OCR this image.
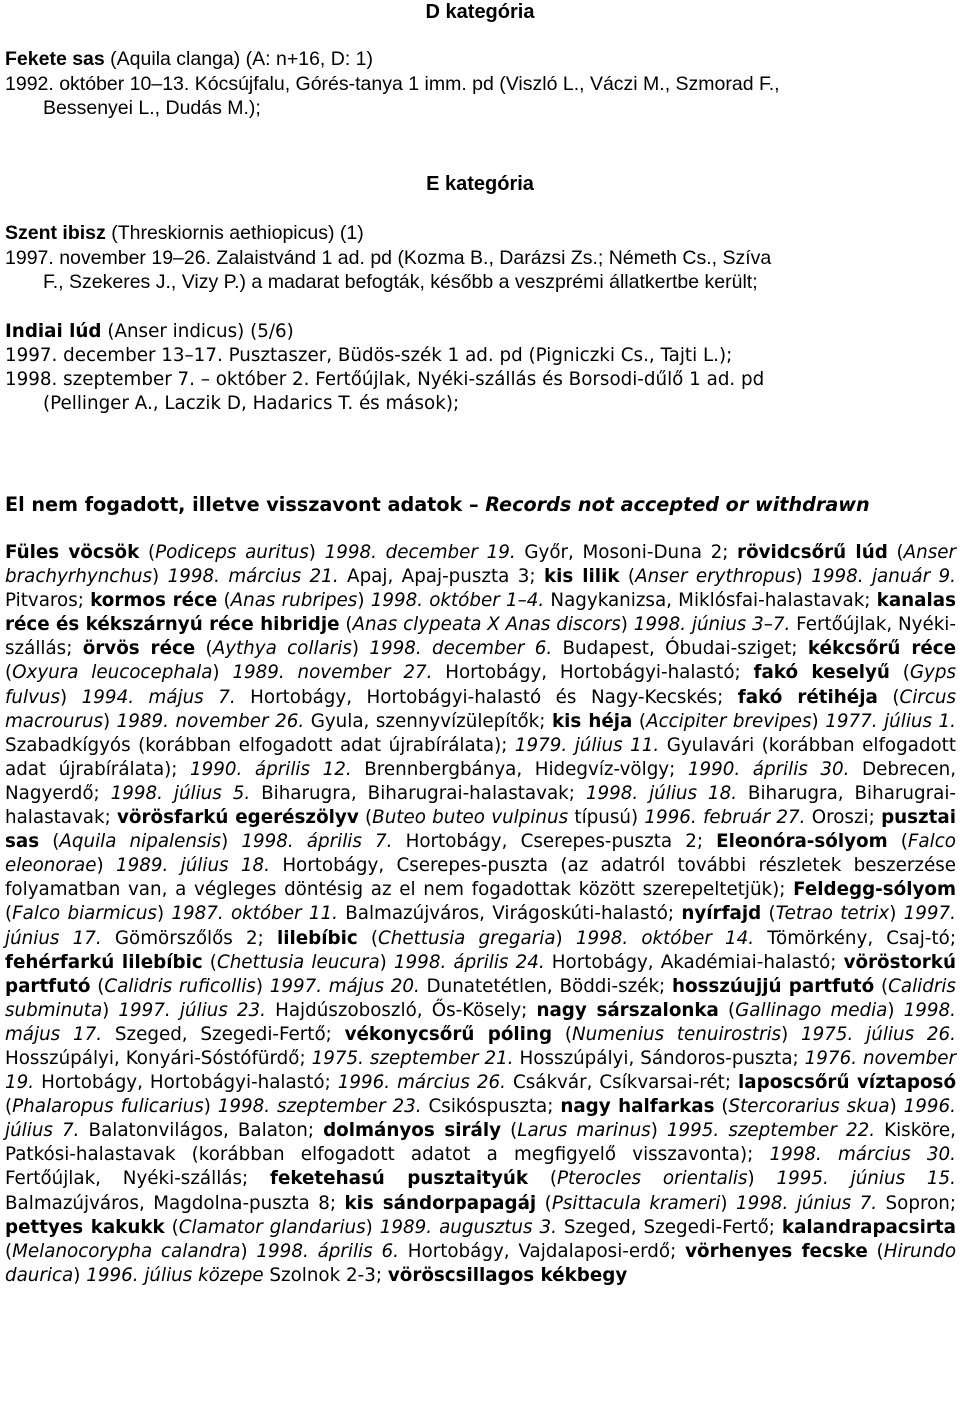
D kategória

Fekete sas (Aquila clanga) (A: n+16, D: 1)

1992. október 10–13. Kócsújfalu, Górés-tanya 1 imm. pd (Viszló L., Váczi M., Szmorad F.,

Bessenyei L., Dudás M.);

E kategória

Szent ibisz (Threskiornis aethiopicus) (1)

1997. november 19–26. Zalaistvánd 1 ad. pd (Kozma B., Darázsi Zs.; Németh Cs., Szíva

F., Szekeres J., Vizy P.) a madarat befogták, később a veszprémi állatkertbe került;

Indiai lúd (Anser indicus) (5/6)

1997. december 13–17. Pusztaszer, Büdös-szék 1 ad. pd (Pigniczki Cs., Tajti L.);

1998. szeptember 7. – október 2. Fertőújlak, Nyéki-szállás és Borsodi-dűlő 1 ad. pd

(Pellinger A., Laczik D, Hadarics T. és mások);

El nem fogadott, illetve visszavont adatok – Records not accepted or withdrawn

Füles vöcsök (Podiceps auritus) 1998. december 19. Győr, Mosoni-Duna 2; rövidcsőrű lúd (Anser brachyrhynchus) 1998. március 21. Apaj, Apaj-puszta 3; kis lilik (Anser erythropus) 1998. január 9. Pitvaros; kormos réce (Anas rubripes) 1998. október 1–4. Nagykanizsa, Miklósfai-halastavak; kanalas réce és kékszárnyú réce hibridje (Anas clypeata X Anas discors) 1998. június 3–7. Fertőújlak, Nyéki-szállás; örvös réce (Aythya collaris) 1998. december 6. Budapest, Óbudai-sziget; kékcsőrű réce (Oxyura leucocephala) 1989. november 27. Hortobágy, Hortobágyi-halastó; fakó keselyű (Gyps fulvus) 1994. május 7. Hortobágy, Hortobágyi-halastó és Nagy-Kecskés; fakó rétihéja (Circus macrourus) 1989. november 26. Gyula, szennyvízülepítők; kis héja (Accipiter brevipes) 1977. július 1. Szabadkígyós (korábban elfogadott adat újrabírálata); 1979. július 11. Gyulavári (korábban elfogadott adat újrabírálata); 1990. április 12. Brennbergbánya, Hidegvíz-völgy; 1990. április 30. Debrecen, Nagyerdő; 1998. július 5. Biharugra, Biharugrai-halastavak; 1998. július 18. Biharugra, Biharugrai-halastavak; vörösfarkú egerészölyv (Buteo buteo vulpinus típusú) 1996. február 27. Oroszi; pusztai sas (Aquila nipalensis) 1998. április 7. Hortobágy, Cserepes-puszta 2; Eleonóra-sólyom (Falco eleonorae) 1989. július 18. Hortobágy, Cserepes-puszta (az adatról további részletek beszerzése folyamatban van, a végleges döntésig az el nem fogadottak között szerepeltetjük); Feldegg-sólyom (Falco biarmicus) 1987. október 11. Balmazújváros, Virágoskúti-halastó; nyírfajd (Tetrao tetrix) 1997. június 17. Gömörszőlős 2; lilebíbic (Chettusia gregaria) 1998. október 14. Tömörkény, Csaj-tó; fehérfarkú lilebíbic (Chettusia leucura) 1998. április 24. Hortobágy, Akadémiai-halastó; vöröstorkú partfutó (Calidris ruficollis) 1997. május 20. Dunatetétlen, Böddi-szék; hosszúujjú partfutó (Calidris subminuta) 1997. július 23. Hajdúszoboszló, Ős-Kösely; nagy sárszalonka (Gallinago media) 1998. május 17. Szeged, Szegedi-Fertő; vékonycsőrű póling (Numenius tenuirostris) 1975. július 26. Hosszúpályi, Konyári-Sóstófürdő; 1975. szeptember 21. Hosszúpályi, Sándoros-puszta; 1976. november 19. Hortobágy, Hortobágyi-halastó; 1996. március 26. Csákvár, Csíkvarsai-rét; laposcsőrű víztaposó (Phalaropus fulicarius) 1998. szeptember 23. Csikóspuszta; nagy halfarkas (Stercorarius skua) 1996. július 7. Balatonvilágos, Balaton; dolmányos sirály (Larus marinus) 1995. szeptember 22. Kisköre, Patkósi-halastavak (korábban elfogadott adatot a megfigyelő visszavonta); 1998. március 30. Fertőújlak, Nyéki-szállás; feketehasú pusztaityúk (Pterocles orientalis) 1995. június 15. Balmazújváros, Magdolna-puszta 8; kis sándorpapagáj (Psittacula krameri) 1998. június 7. Sopron; pettyes kakukk (Clamator glandarius) 1989. augusztus 3. Szeged, Szegedi-Fertő; kalandrapacsirta (Melanocorypha calandra) 1998. április 6. Hortobágy, Vajdalaposi-erdő; vörhenyes fecske (Hirundo daurica) 1996. július közepe Szolnok 2-3; vöröscsillagos kékbegy
